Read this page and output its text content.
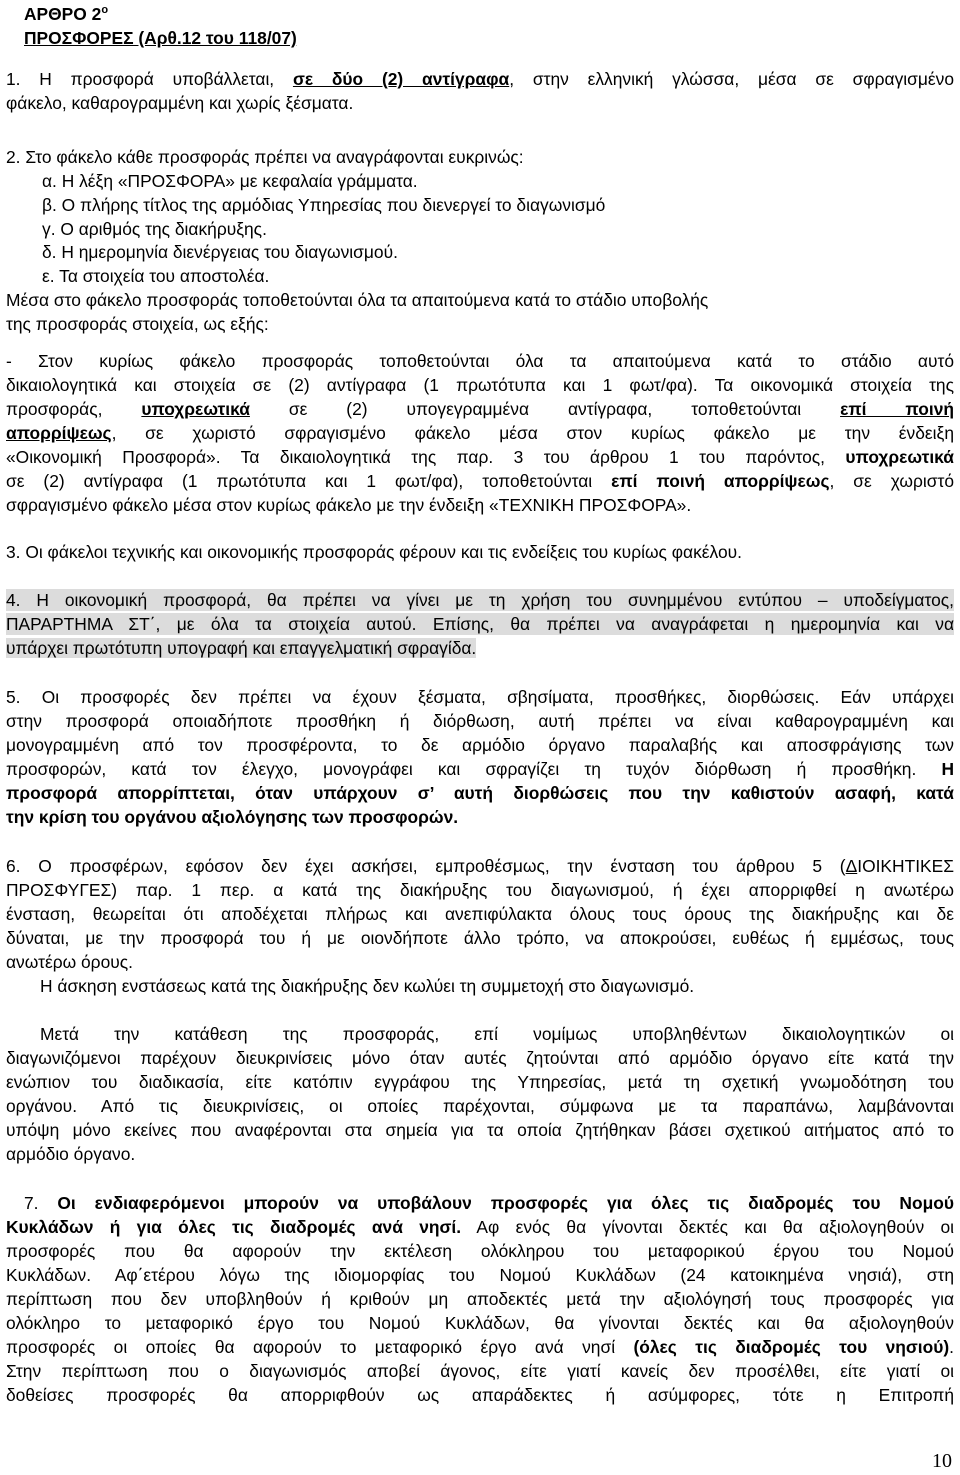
ΑΡΘΡΟ $2^o$
ΠΡΟΣΦΟΡΕΣ (Αρθ.12 του 118/07)
1. Η προσφορά υποβάλλεται, σε δύο (2) αντίγραφα, στην ελληνική γλώσσα, μέσα σε σφραγισμένο
φάκελο, καθαρογραμμένη και χωρίς ξέσματα.
2. Στο φάκελο κάθε προσφοράς πρέπει να αναγράφονται ευκρινώς:
α. Η λέξη «ΠΡΟΣΦΟΡΑ» με κεφαλαία γράμματα.
β. Ο πλήρης τίτλος της αρμόδιας Υπηρεσίας που διενεργεί το διαγωνισμό
γ. Ο αριθμός της διακήρυξης.
δ. Η ημερομηνία διενέργειας του διαγωνισμού.
ε. Τα στοιχεία του αποστολέα.
Μέσα στο φάκελο προσφοράς τοποθετούνται όλα τα απαιτούμενα κατά το στάδιο υποβολής
της προσφοράς στοιχεία, ως εξής:
- Στον κυρίως φάκελο προσφοράς τοποθετούνται όλα τα απαιτούμενα κατά το στάδιο αυτό
δικαιολογητικά και στοιχεία σε (2) αντίγραφα (1 πρωτότυπα και 1 φωτ/φα). Τα οικονομικά στοιχεία της
προσφοράς, υποχρεωτικά σε (2) υπογεγραμμένα αντίγραφα, τοποθετούνται επί ποινή
απορρίψεως, σε χωριστό σφραγισμένο φάκελο μέσα στον κυρίως φάκελο με την ένδειξη
«Οικονομική Προσφορά». Τα δικαιολογητικά της παρ. 3 του άρθρου 1 του παρόντος, υποχρεωτικά
σε (2) αντίγραφα (1 πρωτότυπα και 1 φωτ/φα), τοποθετούνται επί ποινή απορρίψεως, σε χωριστό
σφραγισμένο φάκελο μέσα στον κυρίως φάκελο με την ένδειξη «ΤΕΧΝΙΚΗ ΠΡΟΣΦΟΡΑ».
3. Οι φάκελοι τεχνικής και οικονομικής προσφοράς φέρουν και τις ενδείξεις του κυρίως φακέλου.
4. Η οικονομική προσφορά, θα πρέπει να γίνει με τη χρήση του συνημμένου εντύπου – υποδείγματος,
ΠΑΡΑΡΤΗΜΑ ΣΤ΄, με όλα τα στοιχεία αυτού. Επίσης, θα πρέπει να αναγράφεται η ημερομηνία και να
υπάρχει πρωτότυπη υπογραφή και επαγγελματική σφραγίδα.
5. Οι προσφορές δεν πρέπει να έχουν ξέσματα, σβησίματα, προσθήκες, διορθώσεις. Εάν υπάρχει
στην προσφορά οποιαδήποτε προσθήκη ή διόρθωση, αυτή πρέπει να είναι καθαρογραμμένη και
μονογραμμένη από τον προσφέροντα, το δε αρμόδιο όργανο παραλαβής και αποσφράγισης των
προσφορών, κατά τον έλεγχο, μονογράφει και σφραγίζει τη τυχόν διόρθωση ή προσθήκη. Η
προσφορά απορρίπτεται, όταν υπάρχουν σ’ αυτή διορθώσεις που την καθιστούν ασαφή, κατά
την κρίση του οργάνου αξιολόγησης των προσφορών.
6. Ο προσφέρων, εφόσον δεν έχει ασκήσει, εμπροθέσμως, την ένσταση του άρθρου 5 (ΔΙΟΙΚΗΤΙΚΕΣ
ΠΡΟΣΦΥΓΕΣ) παρ. 1 περ. α κατά της διακήρυξης του διαγωνισμού, ή έχει απορριφθεί η ανωτέρω
ένσταση, θεωρείται ότι αποδέχεται πλήρως και ανεπιφύλακτα όλους τους όρους της διακήρυξης και δε
δύναται, με την προσφορά του ή με οιονδήποτε άλλο τρόπο, να αποκρούσει, ευθέως ή εμμέσως, τους
ανωτέρω όρους.
Η άσκηση ενστάσεως κατά της διακήρυξης δεν κωλύει τη συμμετοχή στο διαγωνισμό.
Μετά την κατάθεση της προσφοράς, επί νομίμως υποβληθέντων δικαιολογητικών οι
διαγωνιζόμενοι παρέχουν διευκρινίσεις μόνο όταν αυτές ζητούνται από αρμόδιο όργανο είτε κατά την
ενώπιον του διαδικασία, είτε κατόπιν εγγράφου της Υπηρεσίας, μετά τη σχετική γνωμοδότηση του
οργάνου. Από τις διευκρινίσεις, οι οποίες παρέχονται, σύμφωνα με τα παραπάνω, λαμβάνονται
υπόψη μόνο εκείνες που αναφέρονται στα σημεία για τα οποία ζητήθηκαν βάσει σχετικού αιτήματος από το
αρμόδιο όργανο.
7. Οι ενδιαφερόμενοι μπορούν να υποβάλουν προσφορές για όλες τις διαδρομές του Νομού
Κυκλάδων ή για όλες τις διαδρομές ανά νησί. Αφ ενός θα γίνονται δεκτές και θα αξιολογηθούν οι
προσφορές που θα αφορούν την εκτέλεση ολόκληρου του μεταφορικού έργου του Νομού
Κυκλάδων. Αφ΄ετέρου λόγω της ιδιομορφίας του Νομού Κυκλάδων (24 κατοικημένα νησιά), στη
περίπτωση που δεν υποβληθούν ή κριθούν μη αποδεκτές μετά την αξιολόγησή τους προσφορές για
ολόκληρο το μεταφορικό έργο του Νομού Κυκλάδων, θα γίνονται δεκτές και θα αξιολογηθούν
προσφορές οι οποίες θα αφορούν το μεταφορικό έργο ανά νησί (όλες τις διαδρομές του νησιού).
Στην περίπτωση που ο διαγωνισμός αποβεί άγονος, είτε γιατί κανείς δεν προσέλθει, είτε γιατί οι
δοθείσες προσφορές θα απορριφθούν ως απαράδεκτες ή ασύμφορες, τότε η Επιτροπή
10
